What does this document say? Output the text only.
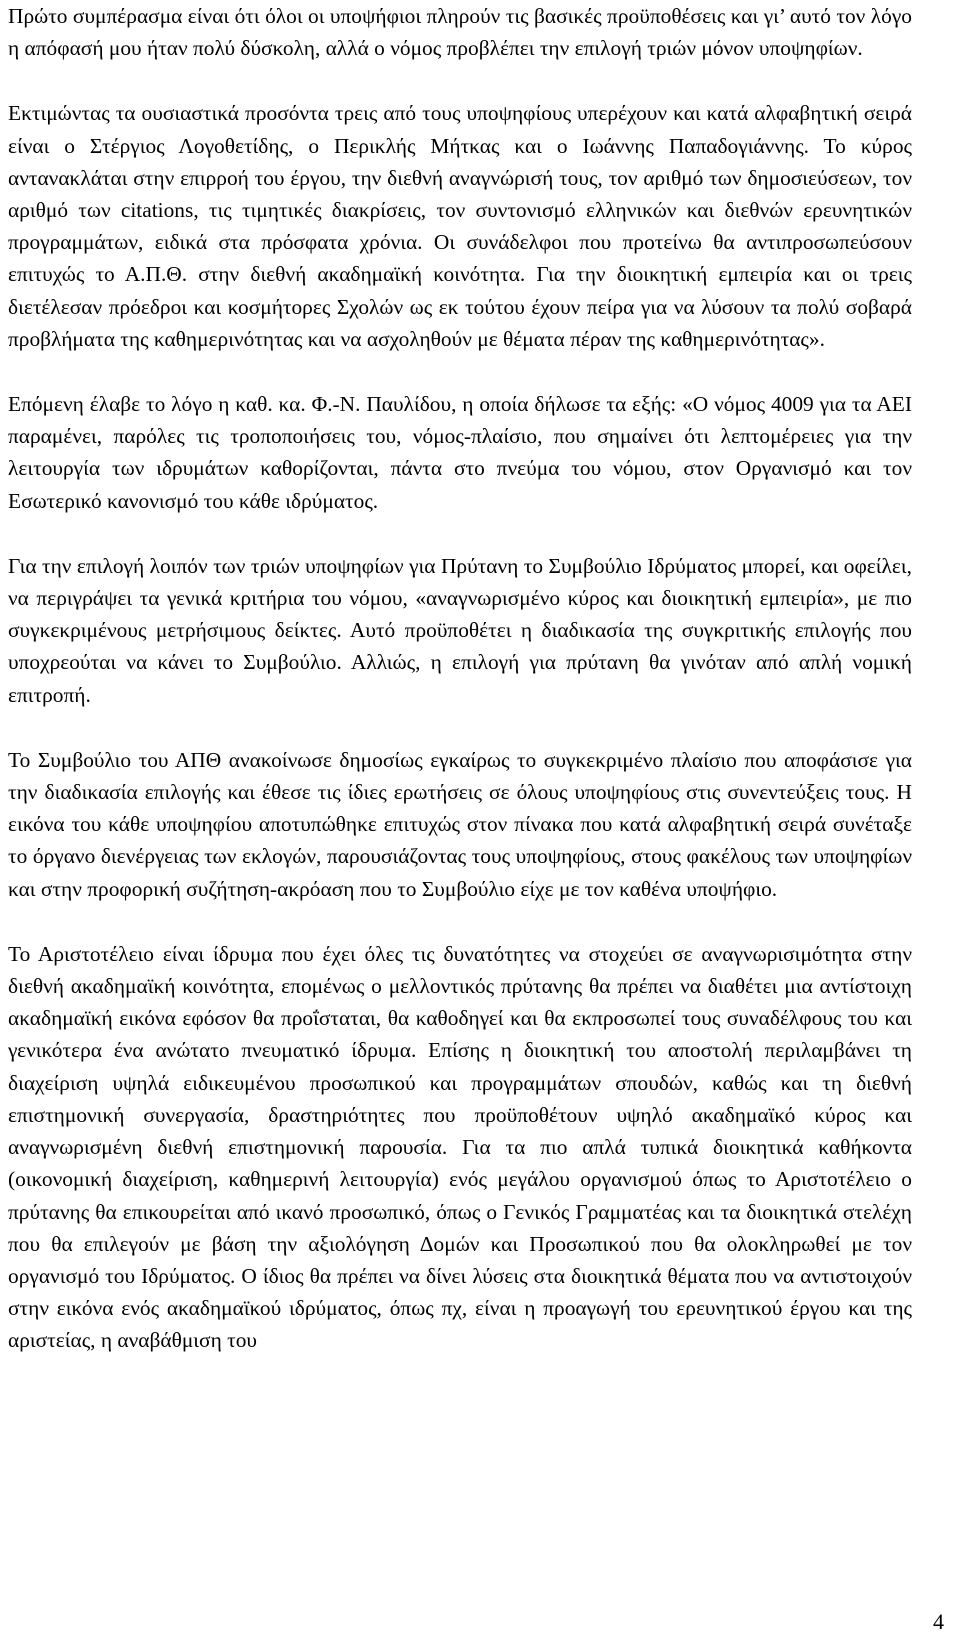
Πρώτο συμπέρασμα είναι ότι όλοι οι υποψήφιοι πληρούν τις βασικές προϋποθέσεις και γι’ αυτό τον λόγο η απόφασή μου ήταν πολύ δύσκολη, αλλά ο νόμος προβλέπει την επιλογή τριών μόνον υποψηφίων.

Εκτιμώντας τα ουσιαστικά προσόντα τρεις από τους υποψηφίους υπερέχουν και κατά αλφαβητική σειρά είναι ο Στέργιος Λογοθετίδης, ο Περικλής Μήτκας και ο Ιωάννης Παπαδογιάννης. Το κύρος αντανακλάται στην επιρροή του έργου, την διεθνή αναγνώρισή τους, τον αριθμό των δημοσιεύσεων, τον αριθμό των citations, τις τιμητικές διακρίσεις, τον συντονισμό ελληνικών και διεθνών ερευνητικών προγραμμάτων, ειδικά στα πρόσφατα χρόνια. Οι συνάδελφοι που προτείνω θα αντιπροσωπεύσουν επιτυχώς το Α.Π.Θ. στην διεθνή ακαδημαϊκή κοινότητα. Για την διοικητική εμπειρία και οι τρεις διετέλεσαν πρόεδροι και κοσμήτορες Σχολών ως εκ τούτου έχουν πείρα για να λύσουν τα πολύ σοβαρά προβλήματα της καθημερινότητας και να ασχοληθούν με θέματα πέραν της καθημερινότητας».

Επόμενη έλαβε το λόγο η καθ. κα. Φ.-Ν. Παυλίδου, η οποία δήλωσε τα εξής: «Ο νόμος 4009 για τα ΑΕΙ παραμένει, παρόλες τις τροποποιήσεις του, νόμος-πλαίσιο, που σημαίνει ότι λεπτομέρειες για την λειτουργία των ιδρυμάτων καθορίζονται, πάντα στο πνεύμα του νόμου, στον Οργανισμό και τον Εσωτερικό κανονισμό του κάθε ιδρύματος.

Για την επιλογή λοιπόν των τριών υποψηφίων για Πρύτανη το Συμβούλιο Ιδρύματος μπορεί, και οφείλει, να περιγράψει τα γενικά κριτήρια του νόμου, «αναγνωρισμένο κύρος και διοικητική εμπειρία», με πιο συγκεκριμένους μετρήσιμους δείκτες. Αυτό προϋποθέτει η διαδικασία της συγκριτικής επιλογής που υποχρεούται να κάνει το Συμβούλιο. Αλλιώς, η επιλογή για πρύτανη θα γινόταν από απλή νομική επιτροπή.

Το Συμβούλιο του ΑΠΘ ανακοίνωσε δημοσίως εγκαίρως το συγκεκριμένο πλαίσιο που αποφάσισε για την διαδικασία επιλογής και έθεσε τις ίδιες ερωτήσεις σε όλους υποψηφίους στις συνεντεύξεις τους. Η εικόνα του κάθε υποψηφίου αποτυπώθηκε επιτυχώς στον πίνακα που κατά αλφαβητική σειρά συνέταξε το όργανο διενέργειας των εκλογών, παρουσιάζοντας τους υποψηφίους, στους φακέλους των υποψηφίων και στην προφορική συζήτηση-ακρόαση που το Συμβούλιο είχε με τον καθένα υποψήφιο.

Το Αριστοτέλειο είναι ίδρυμα που έχει όλες τις δυνατότητες να στοχεύει σε αναγνωρισιμότητα στην διεθνή ακαδημαϊκή κοινότητα, επομένως ο μελλοντικός πρύτανης θα πρέπει να διαθέτει μια αντίστοιχη ακαδημαϊκή εικόνα εφόσον θα προΐσταται, θα καθοδηγεί και θα εκπροσωπεί τους συναδέλφους του και γενικότερα ένα ανώτατο πνευματικό ίδρυμα. Επίσης η διοικητική του αποστολή περιλαμβάνει τη διαχείριση υψηλά ειδικευμένου προσωπικού και προγραμμάτων σπουδών, καθώς και τη διεθνή επιστημονική συνεργασία, δραστηριότητες που προϋποθέτουν υψηλό ακαδημαϊκό κύρος και αναγνωρισμένη διεθνή επιστημονική παρουσία. Για τα πιο απλά τυπικά διοικητικά καθήκοντα (οικονομική διαχείριση, καθημερινή λειτουργία) ενός μεγάλου οργανισμού όπως το Αριστοτέλειο ο πρύτανης θα επικουρείται από ικανό προσωπικό, όπως ο Γενικός Γραμματέας και τα διοικητικά στελέχη που θα επιλεγούν με βάση την αξιολόγηση Δομών και Προσωπικού που θα ολοκληρωθεί με τον οργανισμό του Ιδρύματος. Ο ίδιος θα πρέπει να δίνει λύσεις στα διοικητικά θέματα που να αντιστοιχούν στην εικόνα ενός ακαδημαϊκού ιδρύματος, όπως πχ, είναι η προαγωγή του ερευνητικού έργου και της αριστείας, η αναβάθμιση του

4
